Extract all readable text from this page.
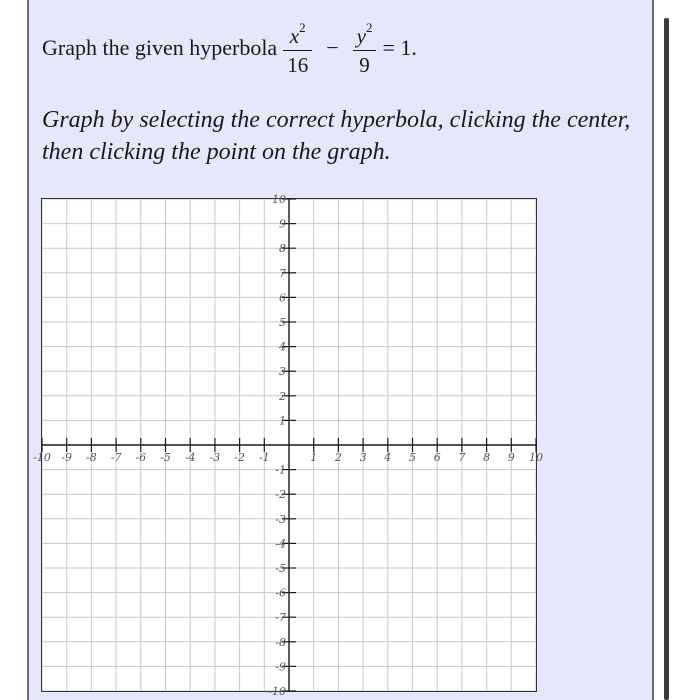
Graph the given hyperbola $\frac{x^2}{16} - \frac{y^2}{9} = 1$.
Graph by selecting the correct hyperbola, clicking the center, then clicking the point on the graph.
-10 -9 -8 -7 -6 -5 -4 -3 -2 -1	1 2 3 4 5 6 7 8 9 10
10
9
8
7
6
5
4
3
2
1
-1
-2
-3
-4
-5
-6
-7
-8
-9
-10
